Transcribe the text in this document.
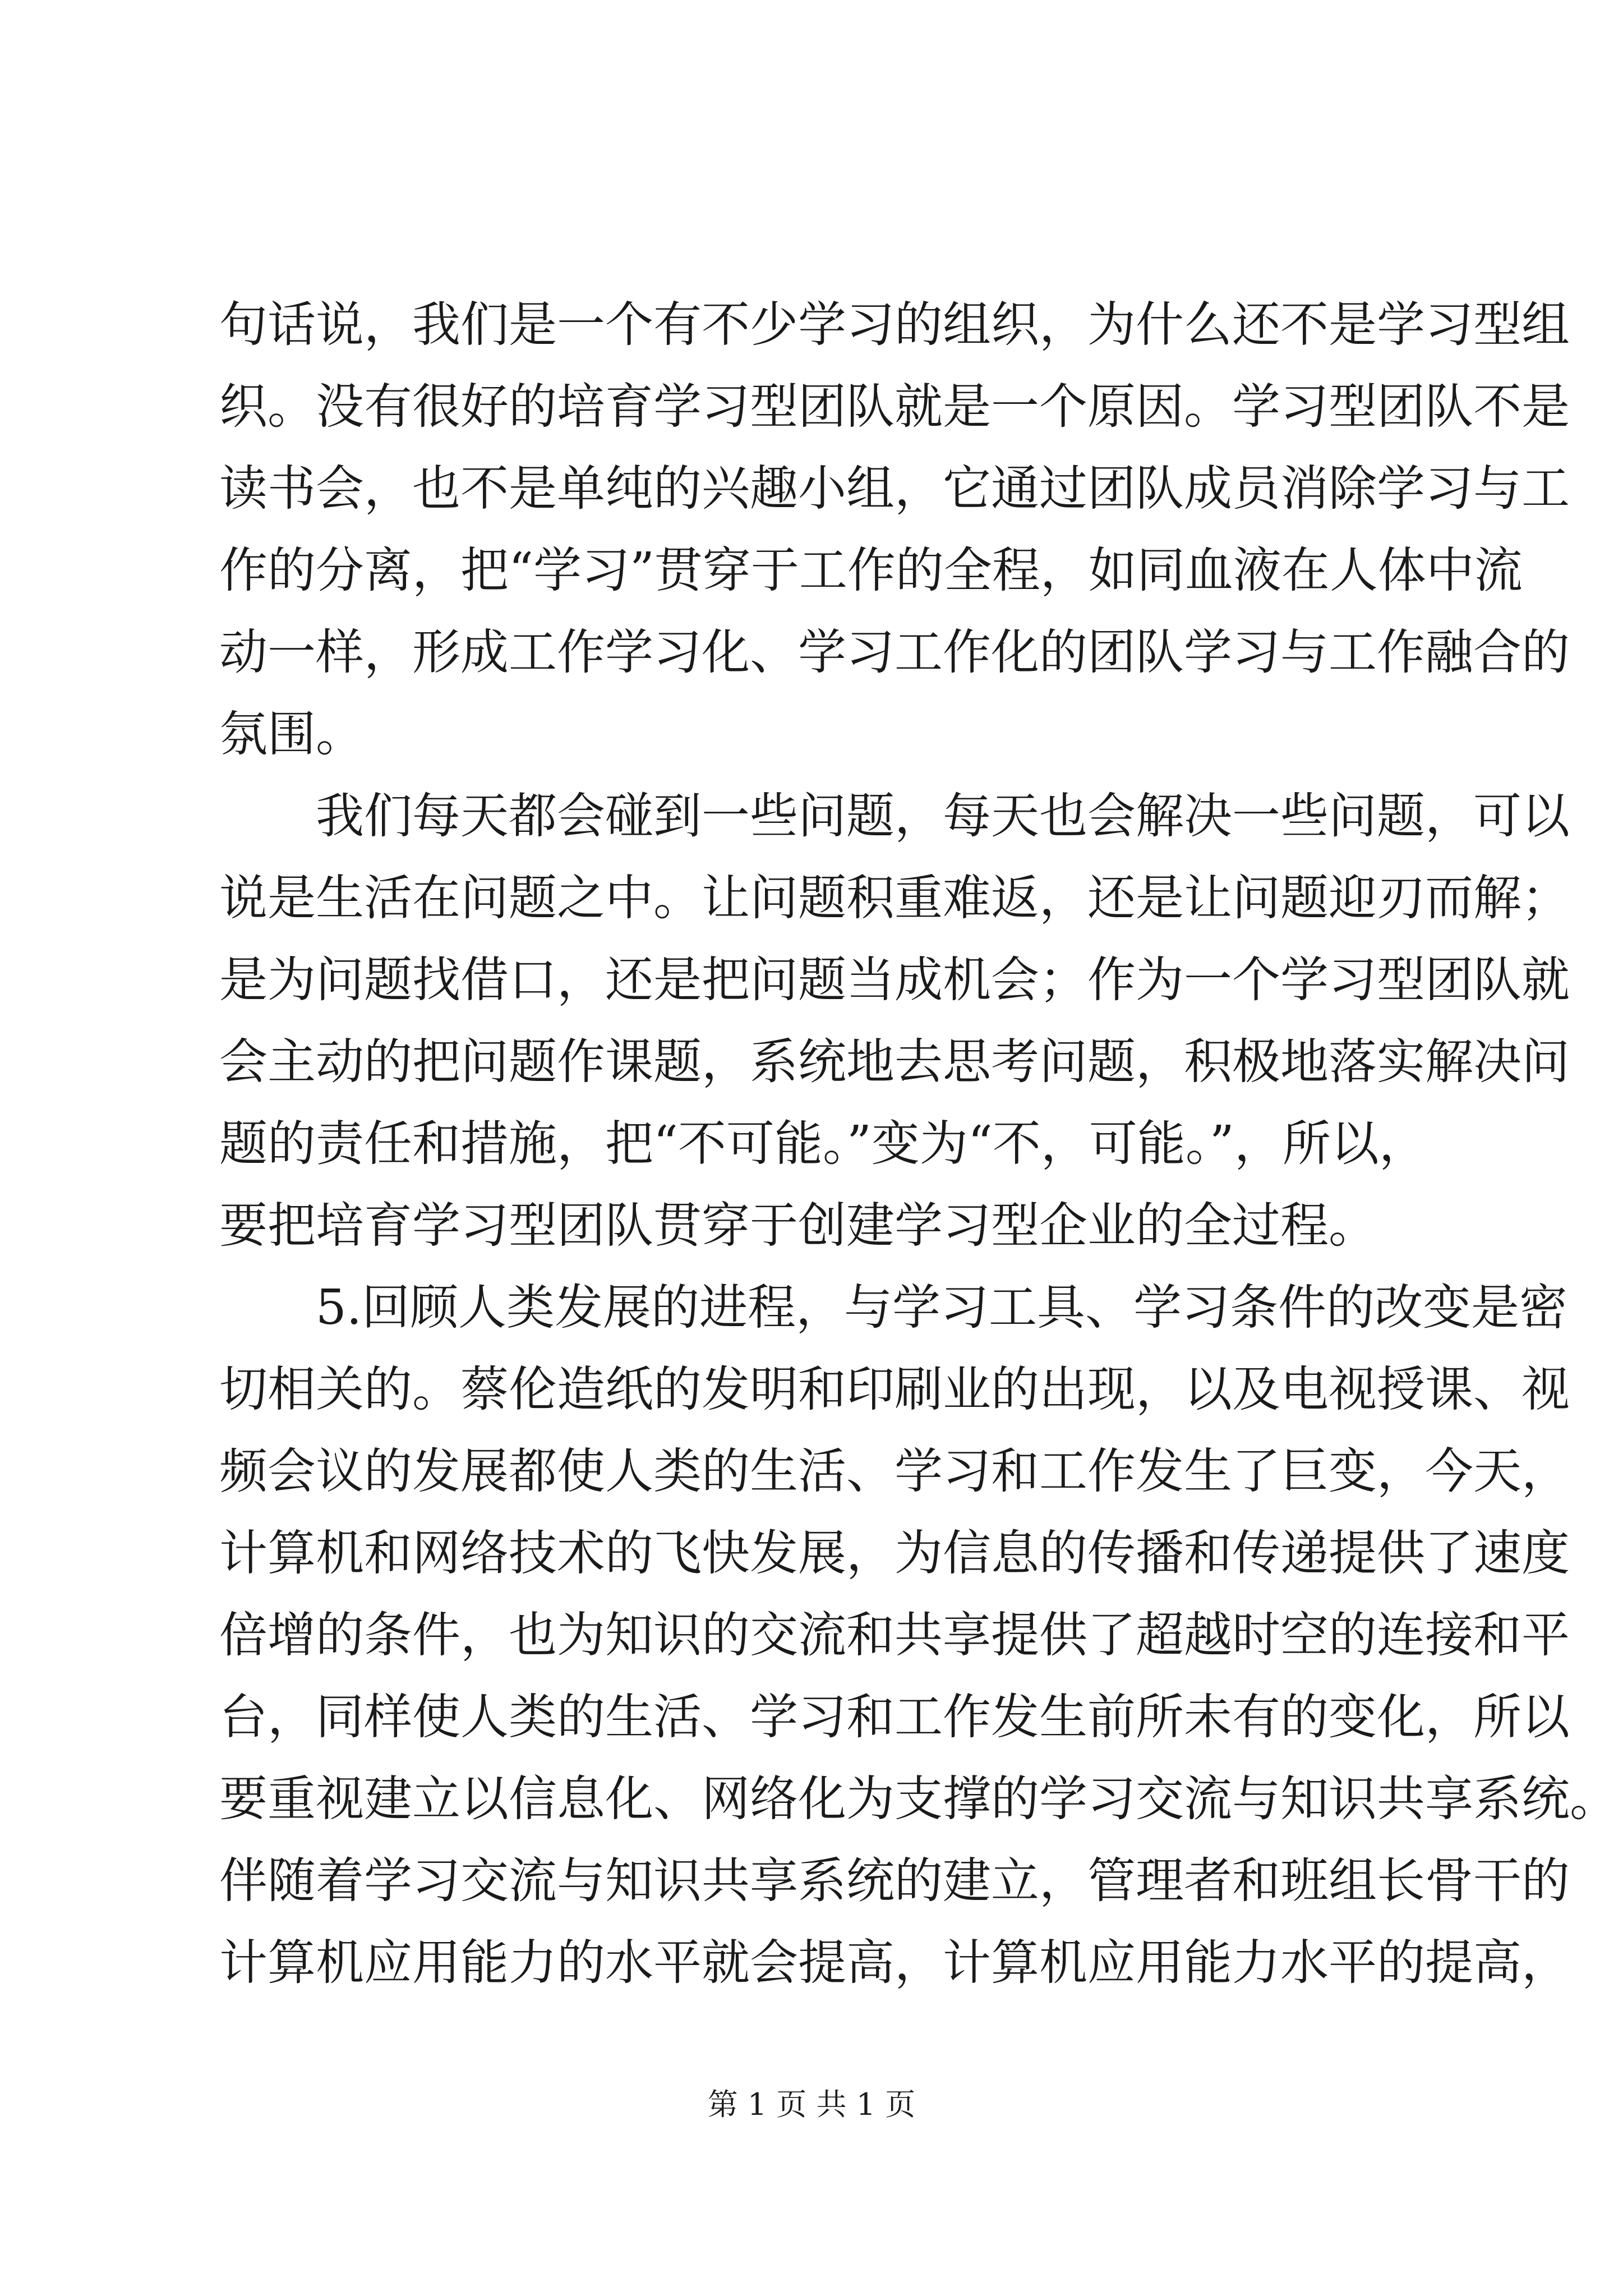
句话说，我们是一个有不少学习的组织，为什么还不是学习型组
织。没有很好的培育学习型团队就是一个原因。学习型团队不是
读书会，也不是单纯的兴趣小组，它通过团队成员消除学习与工
作的分离，把“学习”贯穿于工作的全程，如同血液在人体中流
动一样，形成工作学习化、学习工作化的团队学习与工作融合的
氛围。
我们每天都会碰到一些问题，每天也会解决一些问题，可以
说是生活在问题之中。让问题积重难返，还是让问题迎刃而解；
是为问题找借口，还是把问题当成机会；作为一个学习型团队就
会主动的把问题作课题，系统地去思考问题，积极地落实解决问
题的责任和措施，把“不可能。”变为“不，可能。”，所以，
要把培育学习型团队贯穿于创建学习型企业的全过程。
5.回顾人类发展的进程，与学习工具、学习条件的改变是密
切相关的。蔡伦造纸的发明和印刷业的出现，以及电视授课、视
频会议的发展都使人类的生活、学习和工作发生了巨变，今天，
计算机和网络技术的飞快发展，为信息的传播和传递提供了速度
倍增的条件，也为知识的交流和共享提供了超越时空的连接和平
台，同样使人类的生活、学习和工作发生前所未有的变化，所以
要重视建立以信息化、网络化为支撑的学习交流与知识共享系统。
伴随着学习交流与知识共享系统的建立，管理者和班组长骨干的
计算机应用能力的水平就会提高，计算机应用能力水平的提高，
第 1 页 共 1 页
